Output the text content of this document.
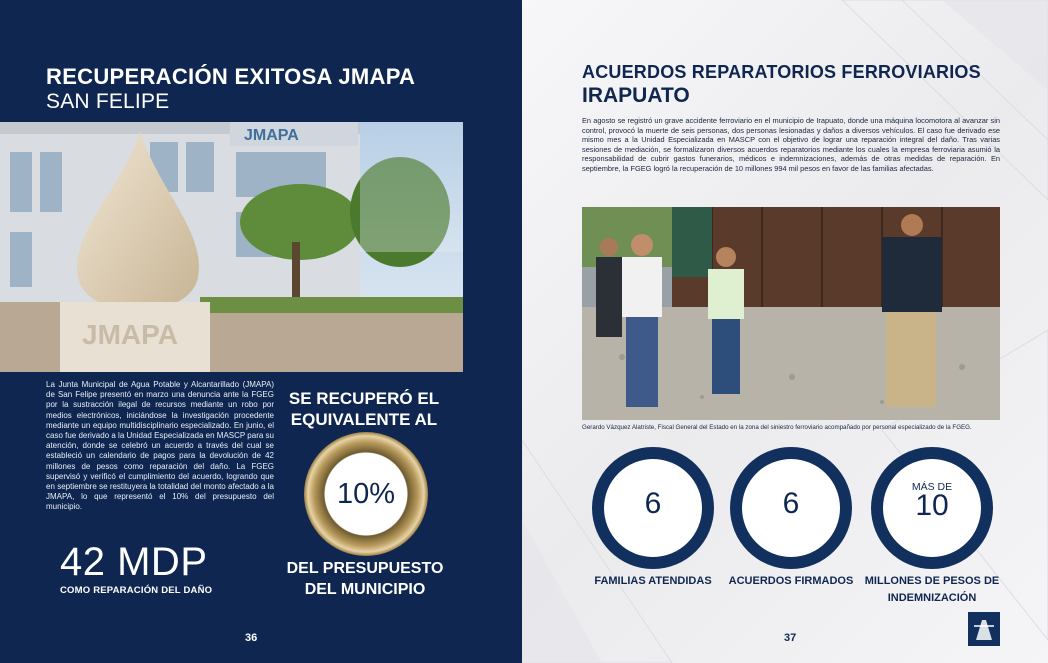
RECUPERACIÓN EXITOSA JMAPA
SAN FELIPE
JMAPA
JMAPA

La Junta Municipal de Agua Potable y Alcantarillado (JMAPA) de San Felipe presentó en marzo una denuncia ante la FGEG por la sustracción ilegal de recursos mediante un robo por medios electrónicos, iniciándose la investigación procedente mediante un equipo multidisciplinario especializado. En junio, el caso fue derivado a la Unidad Especializada en MASCP para su atención, donde se celebró un acuerdo a través del cual se estableció un calendario de pagos para la devolución de 42 millones de pesos como reparación del daño. La FGEG supervisó y verificó el cumplimiento del acuerdo, logrando que en septiembre se restituyera la totalidad del monto afectado a la JMAPA, lo que representó el 10% del presupuesto del municipio.

42 MDP
COMO REPARACIÓN DEL DAÑO
SE RECUPERÓ EL EQUIVALENTE AL
10%
DEL PRESUPUESTO DEL MUNICIPIO
36
ACUERDOS REPARATORIOS FERROVIARIOS
IRAPUATO

En agosto se registró un grave accidente ferroviario en el municipio de Irapuato, donde una máquina locomotora al avanzar sin control, provocó la muerte de seis personas, dos personas lesionadas y daños a diversos vehículos. El caso fue derivado ese mismo mes a la Unidad Especializada en MASCP con el objetivo de lograr una reparación integral del daño. Tras varias sesiones de mediación, se formalizaron diversos acuerdos reparatorios mediante los cuales la empresa ferroviaria asumió la responsabilidad de cubrir gastos funerarios, médicos e indemnizaciones, además de otras medidas de reparación. En septiembre, la FGEG logró la recuperación de 10 millones 994 mil pesos en favor de las familias afectadas.

Gerardo Vázquez Alatriste, Fiscal General del Estado en la zona del siniestro ferroviario acompañado por personal especializado de la FGEG.

6
FAMILIAS ATENDIDAS
6
ACUERDOS FIRMADOS
MÁS DE
10
MILLONES DE PESOS DE INDEMNIZACIÓN
37
